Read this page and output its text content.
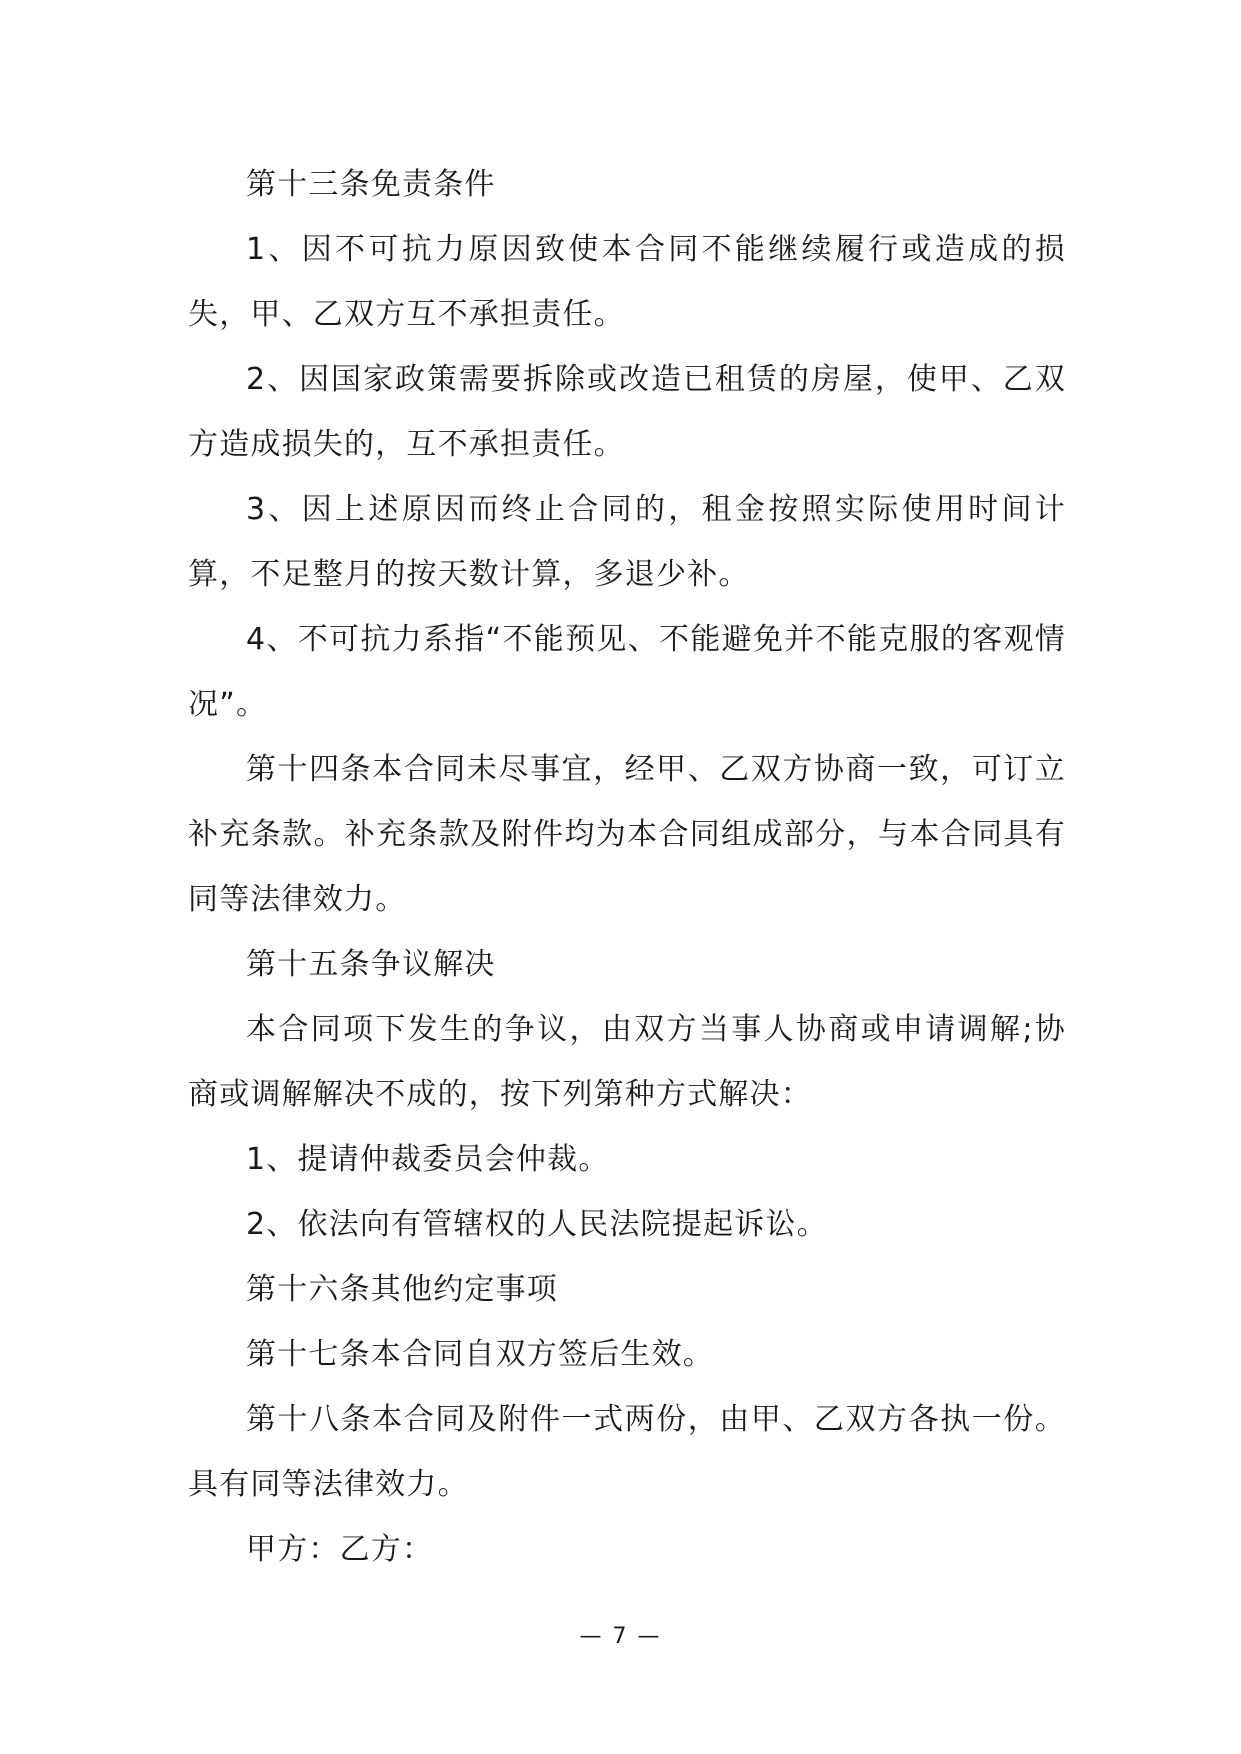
第十三条免责条件

1、因不可抗力原因致使本合同不能继续履行或造成的损失，甲、乙双方互不承担责任。

2、因国家政策需要拆除或改造已租赁的房屋，使甲、乙双方造成损失的，互不承担责任。

3、因上述原因而终止合同的，租金按照实际使用时间计算，不足整月的按天数计算，多退少补。

4、不可抗力系指“不能预见、不能避免并不能克服的客观情况”。

第十四条本合同未尽事宜，经甲、乙双方协商一致，可订立补充条款。补充条款及附件均为本合同组成部分，与本合同具有同等法律效力。

第十五条争议解决

本合同项下发生的争议，由双方当事人协商或申请调解;协商或调解解决不成的，按下列第种方式解决：

1、提请仲裁委员会仲裁。

2、依法向有管辖权的人民法院提起诉讼。

第十六条其他约定事项

第十七条本合同自双方签后生效。

第十八条本合同及附件一式两份，由甲、乙双方各执一份。具有同等法律效力。

甲方：乙方：

— 7 —
